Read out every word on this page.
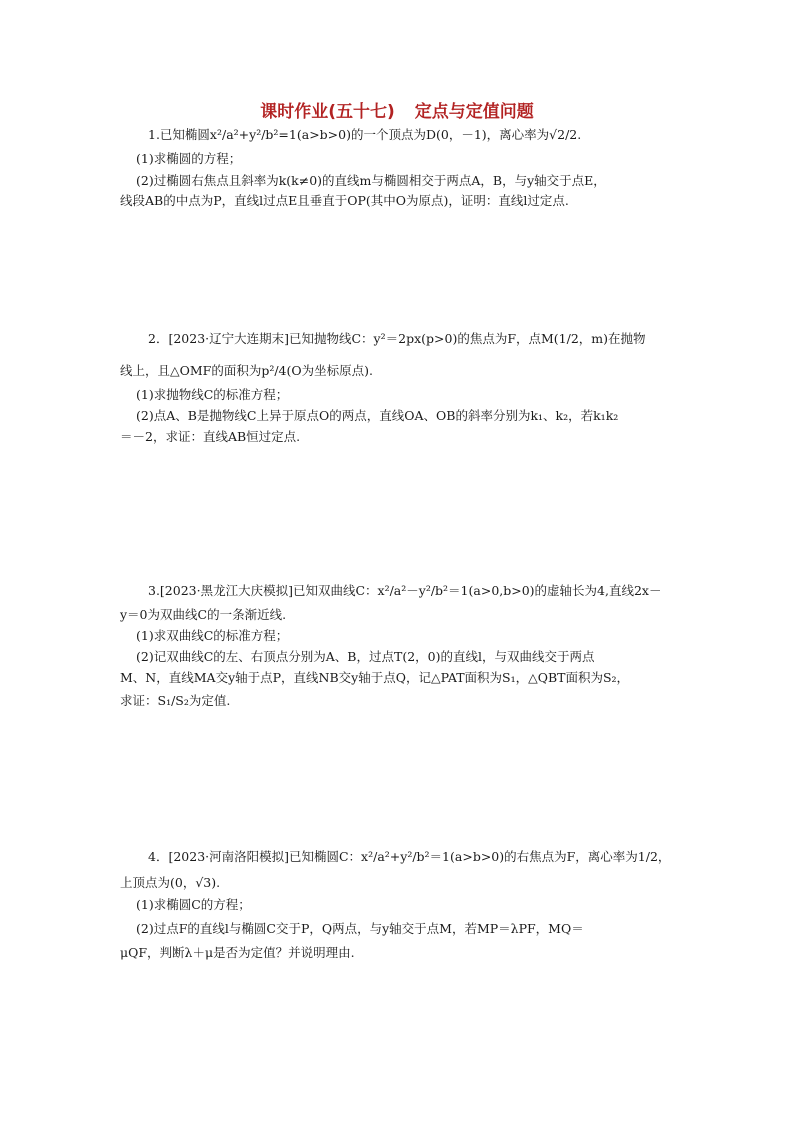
课时作业(五十七) 定点与定值问题
1.已知椭圆x²/a²+y²/b²=1(a>b>0)的一个顶点为D(0，－1)，离心率为√2/2.
(1)求椭圆的方程；
(2)过椭圆右焦点且斜率为k(k≠0)的直线m与椭圆相交于两点A，B，与y轴交于点E，
线段AB的中点为P，直线l过点E且垂直于OP(其中O为原点)，证明：直线l过定点.
2．[2023·辽宁大连期末]已知抛物线C：y²＝2px(p>0)的焦点为F，点M(1/2，m)在抛物
线上，且△OMF的面积为p²/4(O为坐标原点).
(1)求抛物线C的标准方程；
(2)点A、B是抛物线C上异于原点O的两点，直线OA、OB的斜率分别为k₁、k₂，若k₁k₂
＝－2，求证：直线AB恒过定点.
3.[2023·黑龙江大庆模拟]已知双曲线C：x²/a²－y²/b²＝1(a>0,b>0)的虚轴长为4,直线2x－
y＝0为双曲线C的一条渐近线.
(1)求双曲线C的标准方程；
(2)记双曲线C的左、右顶点分别为A、B，过点T(2，0)的直线l，与双曲线交于两点
M、N，直线MA交y轴于点P，直线NB交y轴于点Q，记△PAT面积为S₁，△QBT面积为S₂，
求证：S₁/S₂为定值.
4．[2023·河南洛阳模拟]已知椭圆C：x²/a²+y²/b²＝1(a>b>0)的右焦点为F，离心率为1/2，
上顶点为(0，√3).
(1)求椭圆C的方程；
(2)过点F的直线l与椭圆C交于P，Q两点，与y轴交于点M，若MP＝λPF，MQ＝
μQF，判断λ＋μ是否为定值？并说明理由.
